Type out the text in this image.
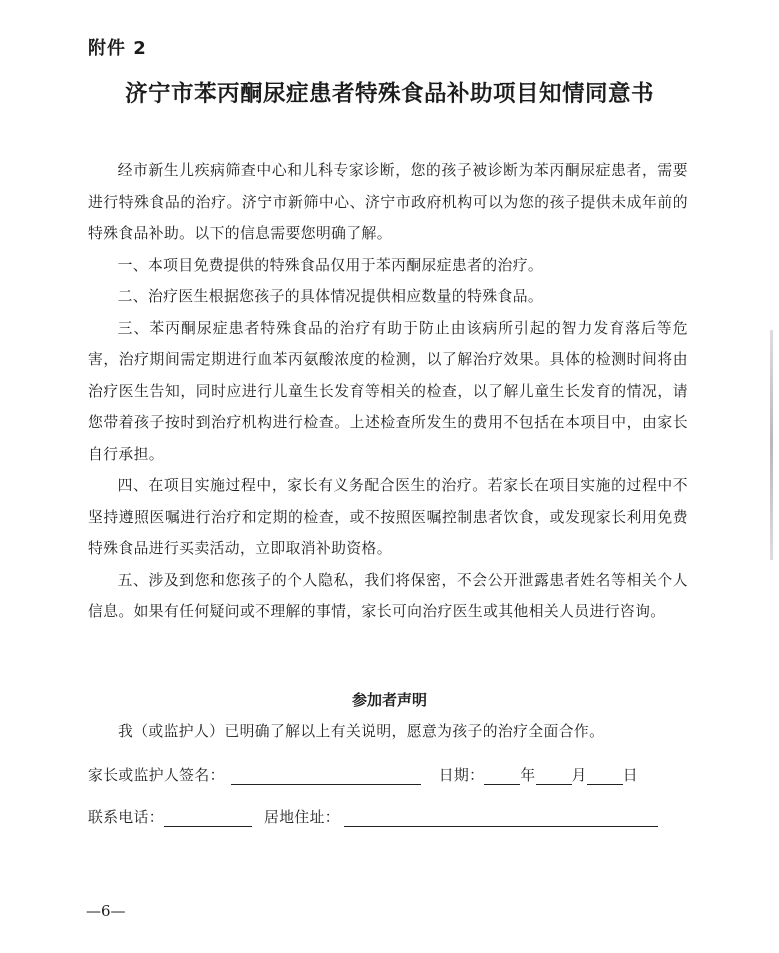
附件 2
济宁市苯丙酮尿症患者特殊食品补助项目知情同意书

经市新生儿疾病筛查中心和儿科专家诊断，您的孩子被诊断为苯丙酮尿症患者，需要进行特殊食品的治疗。济宁市新筛中心、济宁市政府机构可以为您的孩子提供未成年前的特殊食品补助。以下的信息需要您明确了解。

一、本项目免费提供的特殊食品仅用于苯丙酮尿症患者的治疗。

二、治疗医生根据您孩子的具体情况提供相应数量的特殊食品。

三、苯丙酮尿症患者特殊食品的治疗有助于防止由该病所引起的智力发育落后等危害，治疗期间需定期进行血苯丙氨酸浓度的检测，以了解治疗效果。具体的检测时间将由治疗医生告知，同时应进行儿童生长发育等相关的检查，以了解儿童生长发育的情况，请您带着孩子按时到治疗机构进行检查。上述检查所发生的费用不包括在本项目中，由家长自行承担。

四、在项目实施过程中，家长有义务配合医生的治疗。若家长在项目实施的过程中不坚持遵照医嘱进行治疗和定期的检查，或不按照医嘱控制患者饮食，或发现家长利用免费特殊食品进行买卖活动，立即取消补助资格。

五、涉及到您和您孩子的个人隐私，我们将保密，不会公开泄露患者姓名等相关个人信息。如果有任何疑问或不理解的事情，家长可向治疗医生或其他相关人员进行咨询。

参加者声明
我（或监护人）已明确了解以上有关说明，愿意为孩子的治疗全面合作。
家长或监护人签名：	日期： 年 月 日
联系电话：	居地住址：
—6—
